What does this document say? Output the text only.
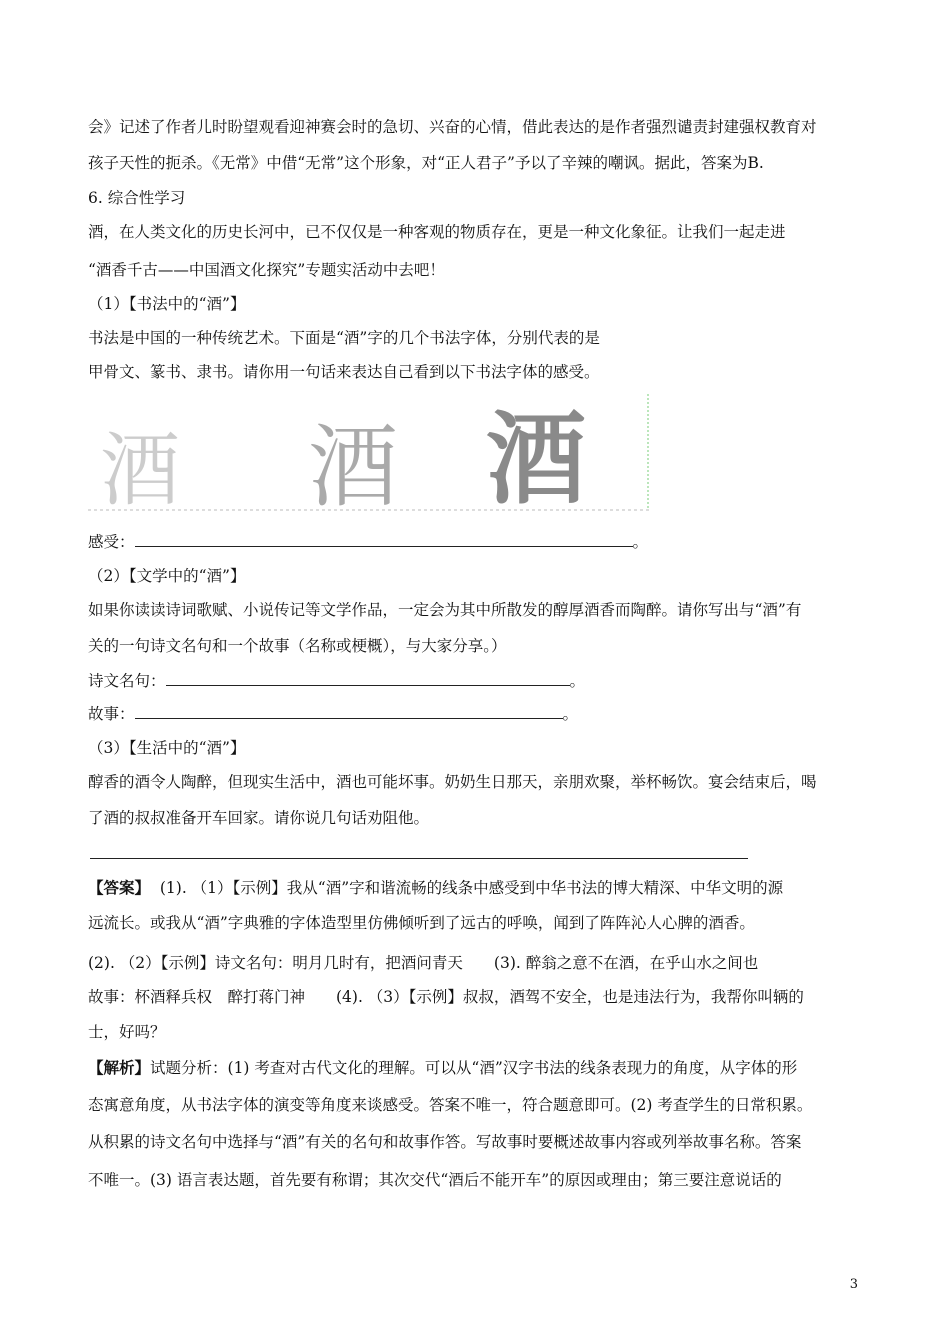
会》记述了作者儿时盼望观看迎神赛会时的急切、兴奋的心情，借此表达的是作者强烈谴责封建强权教育对
孩子天性的扼杀。《无常》中借“无常”这个形象，对“正人君子”予以了辛辣的嘲讽。据此，答案为B.
6. 综合性学习
酒，在人类文化的历史长河中，已不仅仅是一种客观的物质存在，更是一种文化象征。让我们一起走进
“酒香千古——中国酒文化探究”专题实活动中去吧！
（1）【书法中的“酒”】
书法是中国的一种传统艺术。下面是“酒”字的几个书法字体，分别代表的是
甲骨文、篆书、隶书。请你用一句话来表达自己看到以下书法字体的感受。
酒 酒 酒
感受：	。
（2）【文学中的“酒”】
如果你读读诗词歌赋、小说传记等文学作品，一定会为其中所散发的醇厚酒香而陶醉。请你写出与“酒”有
关的一句诗文名句和一个故事（名称或梗概），与大家分享。）
诗文名句：	。
故事：	。
（3）【生活中的“酒”】
醇香的酒令人陶醉，但现实生活中，酒也可能坏事。奶奶生日那天，亲朋欢聚，举杯畅饮。宴会结束后，喝
了酒的叔叔准备开车回家。请你说几句话劝阻他。
【答案】 (1). （1）【示例】我从“酒”字和谐流畅的线条中感受到中华书法的博大精深、中华文明的源
远流长。或我从“酒”字典雅的字体造型里仿佛倾听到了远古的呼唤，闻到了阵阵沁人心脾的酒香。
(2). （2）【示例】诗文名句：明月几时有，把酒问青天　　(3). 醉翁之意不在酒，在乎山水之间也
故事：杯酒释兵权　醉打蒋门神　　(4). （3）【示例】叔叔，酒驾不安全，也是违法行为，我帮你叫辆的
士，好吗？
【解析】试题分析：(1) 考查对古代文化的理解。可以从“酒”汉字书法的线条表现力的角度，从字体的形
态寓意角度，从书法字体的演变等角度来谈感受。答案不唯一，符合题意即可。(2) 考查学生的日常积累。
从积累的诗文名句中选择与“酒”有关的名句和故事作答。写故事时要概述故事内容或列举故事名称。答案
不唯一。(3) 语言表达题，首先要有称谓；其次交代“酒后不能开车”的原因或理由；第三要注意说话的
3
